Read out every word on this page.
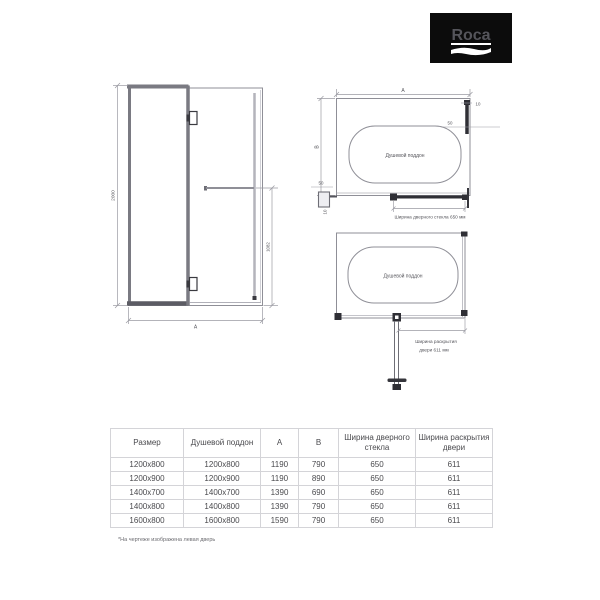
Roca
2000
A
1082
Душевой поддон
A
B
10
50
50
10
Ширина дверного стекла 650 мм
Душевой поддон
Ширина раскрытия
двери 611 мм
Размер	Душевой поддон	A	B	Ширина дверного стекла	Ширина раскрытия двери
1200x800	1200x800	1190	790	650	611
1200x900	1200x900	1190	890	650	611
1400x700	1400x700	1390	690	650	611
1400x800	1400x800	1390	790	650	611
1600x800	1600x800	1590	790	650	611
*На чертеже изображена левая дверь
